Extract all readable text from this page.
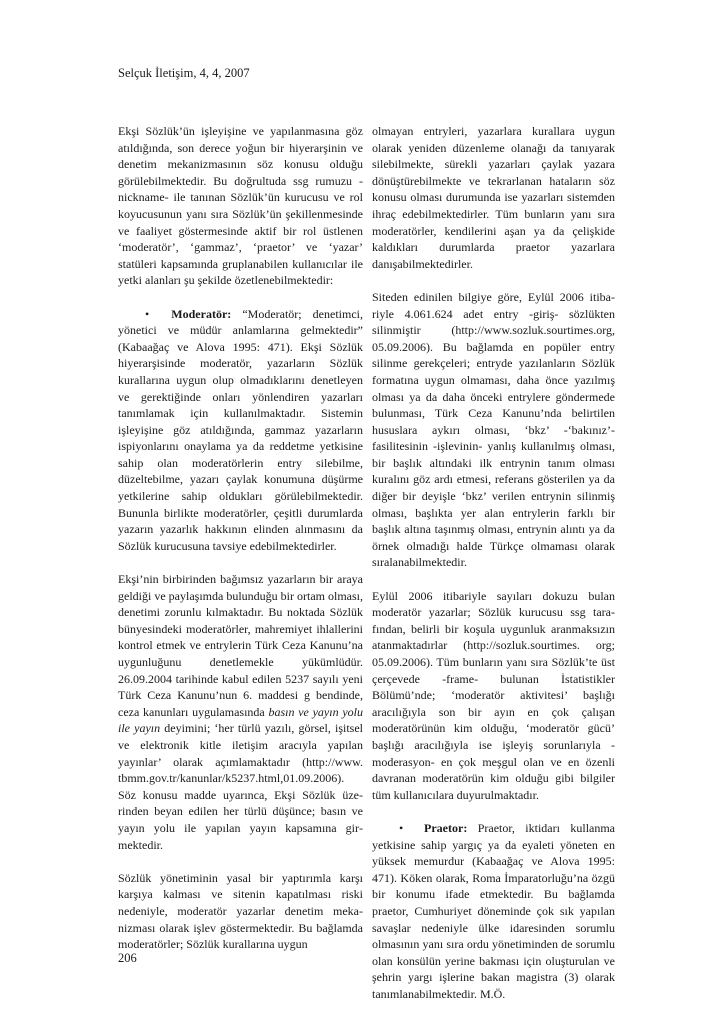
Selçuk İletişim, 4, 4, 2007

Ekşi Sözlük’ün işleyişine ve yapılanmasına göz atıldığında, son derece yoğun bir hiyerarşinin ve denetim mekanizmasının söz konusu olduğu görülebilmektedir. Bu doğrultuda ssg rumuzu -nickname- ile tanınan Sözlük’ün kurucusu ve rol koyucusunun yanı sıra Sözlük’ün şekillenmesinde ve faaliyet göstermesinde aktif bir rol üstlenen ‘moderatör’, ‘gammaz’, ‘praetor’ ve ‘yazar’ statüleri kapsamında gruplanabilen kullanıcılar ile yetki alanları şu şekilde özetlenebilmektedir:

• Moderatör: “Moderatör; denetimci, yönetici ve müdür anlamlarına gelmektedir” (Kabaağaç ve Alova 1995: 471). Ekşi Sözlük hiyerarşisinde moderatör, yazarların Sözlük kurallarına uygun olup olmadıklarını denetleyen ve gerektiğinde onları yönlendiren yazarları tanımlamak için kullanılmaktadır. Sistemin işleyişine göz atıldığında, gammaz yazarların ispiyonlarını onaylama ya da reddetme yetkisine sahip olan moderatörlerin entry silebilme, düzeltebilme, yazarı çaylak konumuna düşürme yetkilerine sahip oldukları görülebilmektedir. Bununla birlikte moderatörler, çeşitli durumlarda yazarın yazarlık hakkının elinden alınmasını da Sözlük kurucusuna tavsiye edebilmektedirler.

Ekşi’nin birbirinden bağımsız yazarların bir araya geldiği ve paylaşımda bulunduğu bir ortam olması, denetimi zorunlu kılmaktadır. Bu noktada Sözlük bünyesindeki moderatörler, mahremiyet ihlallerini kontrol etmek ve entrylerin Türk Ceza Kanunu’na uygunluğunu denetlemekle yükümlüdür. 26.09.2004 tarihinde kabul edilen 5237 sayılı yeni Türk Ceza Kanunu’nun 6. maddesi g bendinde, ceza kanunları uygulamasında basın ve yayın yolu ile yayın deyimini; ‘her türlü yazılı, görsel, işitsel ve elektronik kitle iletişim aracıyla yapılan yayınlar’ olarak açımlamaktadır (http://www. tbmm.gov.tr/kanunlar/k5237.html,01.09.2006). Söz konusu madde uyarınca, Ekşi Sözlük üzerinden beyan edilen her türlü düşünce; basın ve yayın yolu ile yapılan yayın kapsamına girmektedir.

Sözlük yönetiminin yasal bir yaptırımla karşı karşıya kalması ve sitenin kapatılması riski nedeniyle, moderatör yazarlar denetim mekanizması olarak işlev göstermektedir. Bu bağlamda moderatörler; Sözlük kurallarına uygun

olmayan entryleri, yazarlara kurallara uygun olarak yeniden düzenleme olanağı da tanıyarak silebilmekte, sürekli yazarları çaylak yazara dönüştürebilmekte ve tekrarlanan hataların söz konusu olması durumunda ise yazarları sistemden ihraç edebilmektedirler. Tüm bunların yanı sıra moderatörler, kendilerini aşan ya da çelişkide kaldıkları durumlarda praetor yazarlara danışabilmektedirler.

Siteden edinilen bilgiye göre, Eylül 2006 itibariyle 4.061.624 adet entry -giriş- sözlükten silinmiştir (http://www.sozluk.sourtimes.org, 05.09.2006). Bu bağlamda en popüler entry silinme gerekçeleri; entryde yazılanların Sözlük formatına uygun olmaması, daha önce yazılmış olması ya da daha önceki entrylere göndermede bulunması, Türk Ceza Kanunu’nda belirtilen hususlara aykırı olması, ‘bkz’ -‘bakınız’- fasilitesinin -işlevinin- yanlış kullanılmış olması, bir başlık altındaki ilk entrynin tanım olması kuralını göz ardı etmesi, referans gösterilen ya da diğer bir deyişle ‘bkz’ verilen entrynin silinmiş olması, başlıkta yer alan entrylerin farklı bir başlık altına taşınmış olması, entrynin alıntı ya da örnek olmadığı halde Türkçe olmaması olarak sıralanabilmektedir.

Eylül 2006 itibariyle sayıları dokuzu bulan moderatör yazarlar; Sözlük kurucusu ssg tarafından, belirli bir koşula uygunluk aranmaksızın atanmaktadırlar (http://sozluk.sourtimes. org; 05.09.2006). Tüm bunların yanı sıra Sözlük’te üst çerçevede -frame- bulunan İstatistikler Bölümü’nde; ‘moderatör aktivitesi’ başlığı aracılığıyla son bir ayın en çok çalışan moderatörünün kim olduğu, ‘moderatör gücü’ başlığı aracılığıyla ise işleyiş sorunlarıyla -moderasyon- en çok meşgul olan ve en özenli davranan moderatörün kim olduğu gibi bilgiler tüm kullanıcılara duyurulmaktadır.

• Praetor: Praetor, iktidarı kullanma yetkisine sahip yargıç ya da eyaleti yöneten en yüksek memurdur (Kabaağaç ve Alova 1995: 471). Köken olarak, Roma İmparatorluğu’na özgü bir konumu ifade etmektedir. Bu bağlamda praetor, Cumhuriyet döneminde çok sık yapılan savaşlar nedeniyle ülke idaresinden sorumlu olmasının yanı sıra ordu yönetiminden de sorumlu olan konsülün yerine bakması için oluşturulan ve şehrin yargı işlerine bakan magistra (3) olarak tanımlanabilmektedir. M.Ö.

206
